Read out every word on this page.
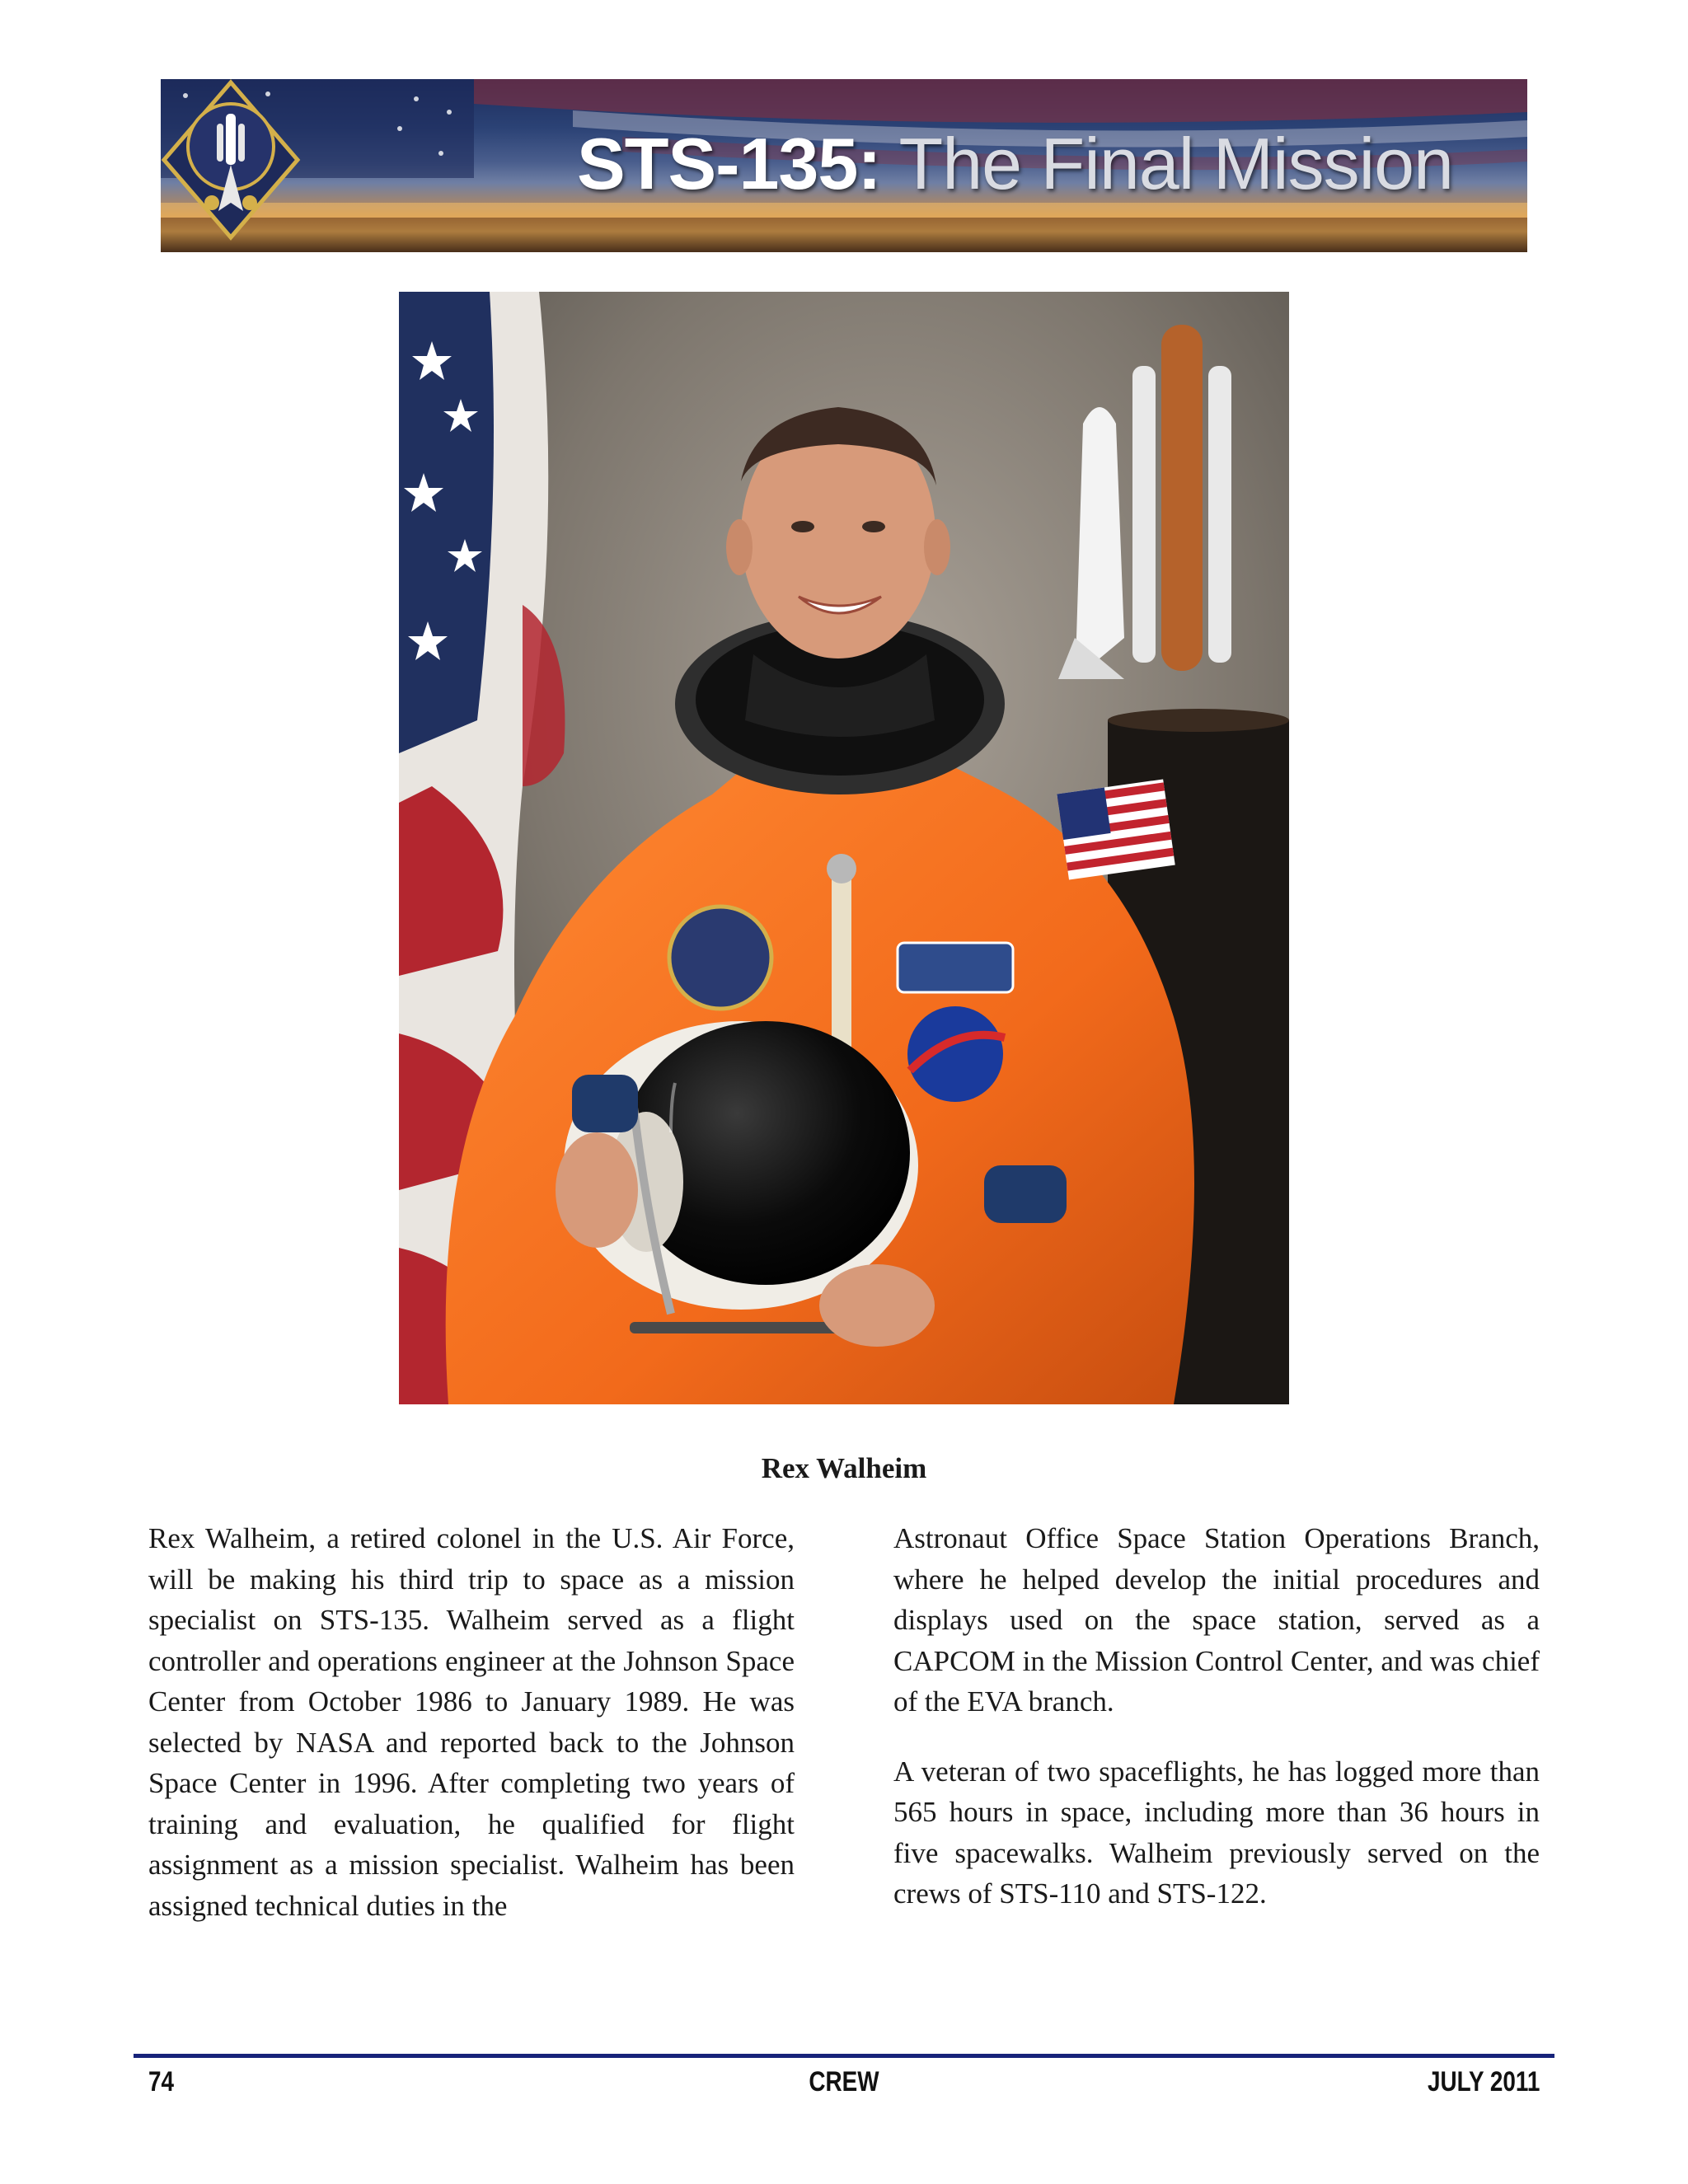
STS-135: The Final Mission
Rex Walheim

Rex Walheim, a retired colonel in the U.S. Air Force, will be making his third trip to space as a mission specialist on STS-135. Walheim served as a flight controller and operations engineer at the Johnson Space Center from October 1986 to January 1989. He was selected by NASA and reported back to the Johnson Space Center in 1996. After completing two years of training and evaluation, he qualified for flight assignment as a mission specialist. Walheim has been assigned technical duties in the

Astronaut Office Space Station Operations Branch, where he helped develop the initial procedures and displays used on the space station, served as a CAPCOM in the Mission Control Center, and was chief of the EVA branch.

A veteran of two spaceflights, he has logged more than 565 hours in space, including more than 36 hours in five spacewalks. Walheim previously served on the crews of STS-110 and STS-122.

74	CREW	JULY 2011
